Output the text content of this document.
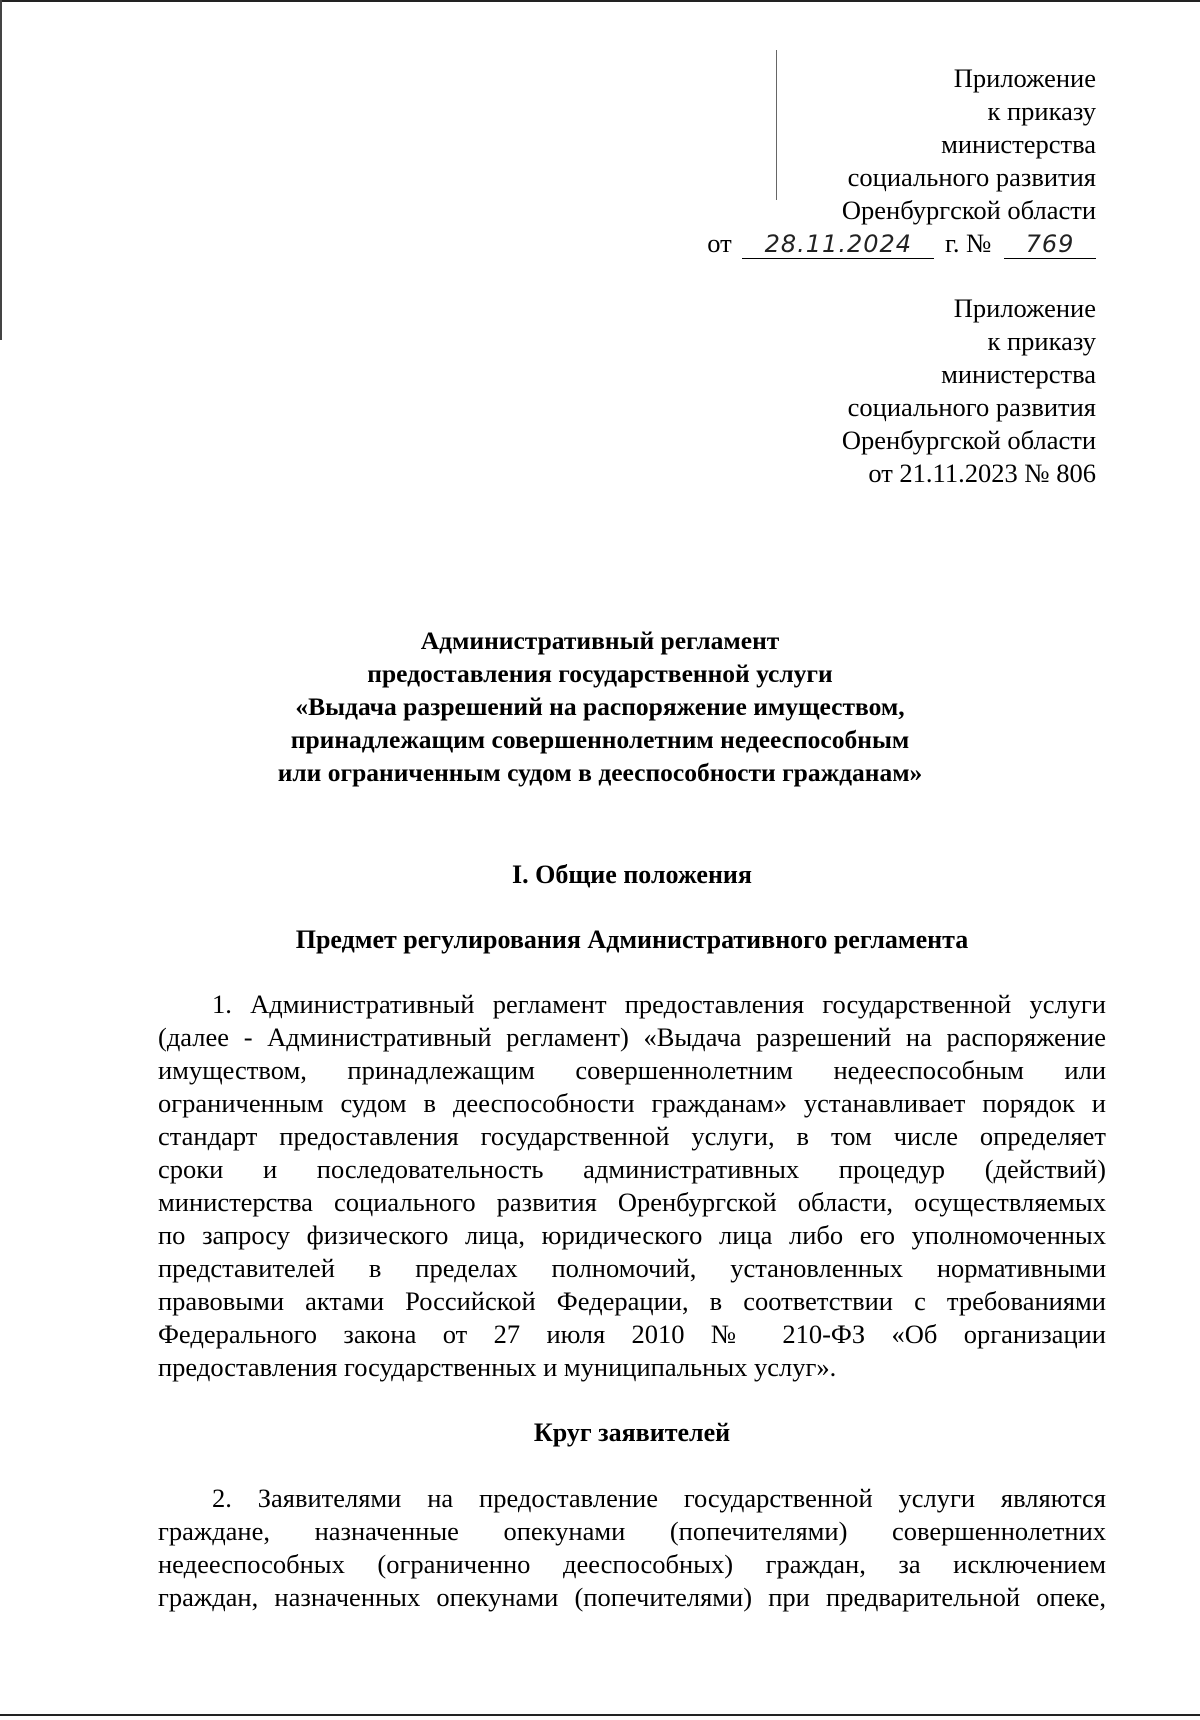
Приложение
к приказу
министерства
социального развития
Оренбургской области
от 28.11.2024 г. № 769
Приложение
к приказу
министерства
социального развития
Оренбургской области
от 21.11.2023 № 806
Административный регламент
предоставления государственной услуги
«Выдача разрешений на распоряжение имуществом,
принадлежащим совершеннолетним недееспособным
или ограниченным судом в дееспособности гражданам»
I. Общие положения
Предмет регулирования Административного регламента
1. Административный регламент предоставления государственной услуги
(далее - Административный регламент) «Выдача разрешений на распоряжение
имуществом, принадлежащим совершеннолетним недееспособным или
ограниченным судом в дееспособности гражданам» устанавливает порядок и
стандарт предоставления государственной услуги, в том числе определяет
сроки и последовательность административных процедур (действий)
министерства социального развития Оренбургской области, осуществляемых
по запросу физического лица, юридического лица либо его уполномоченных
представителей в пределах полномочий, установленных нормативными
правовыми актами Российской Федерации, в соответствии с требованиями
Федерального закона от 27 июля 2010 № 210-ФЗ «Об организации
предоставления государственных и муниципальных услуг».
Круг заявителей
2. Заявителями на предоставление государственной услуги являются
граждане, назначенные опекунами (попечителями) совершеннолетних
недееспособных (ограниченно дееспособных) граждан, за исключением
граждан, назначенных опекунами (попечителями) при предварительной опеке,
